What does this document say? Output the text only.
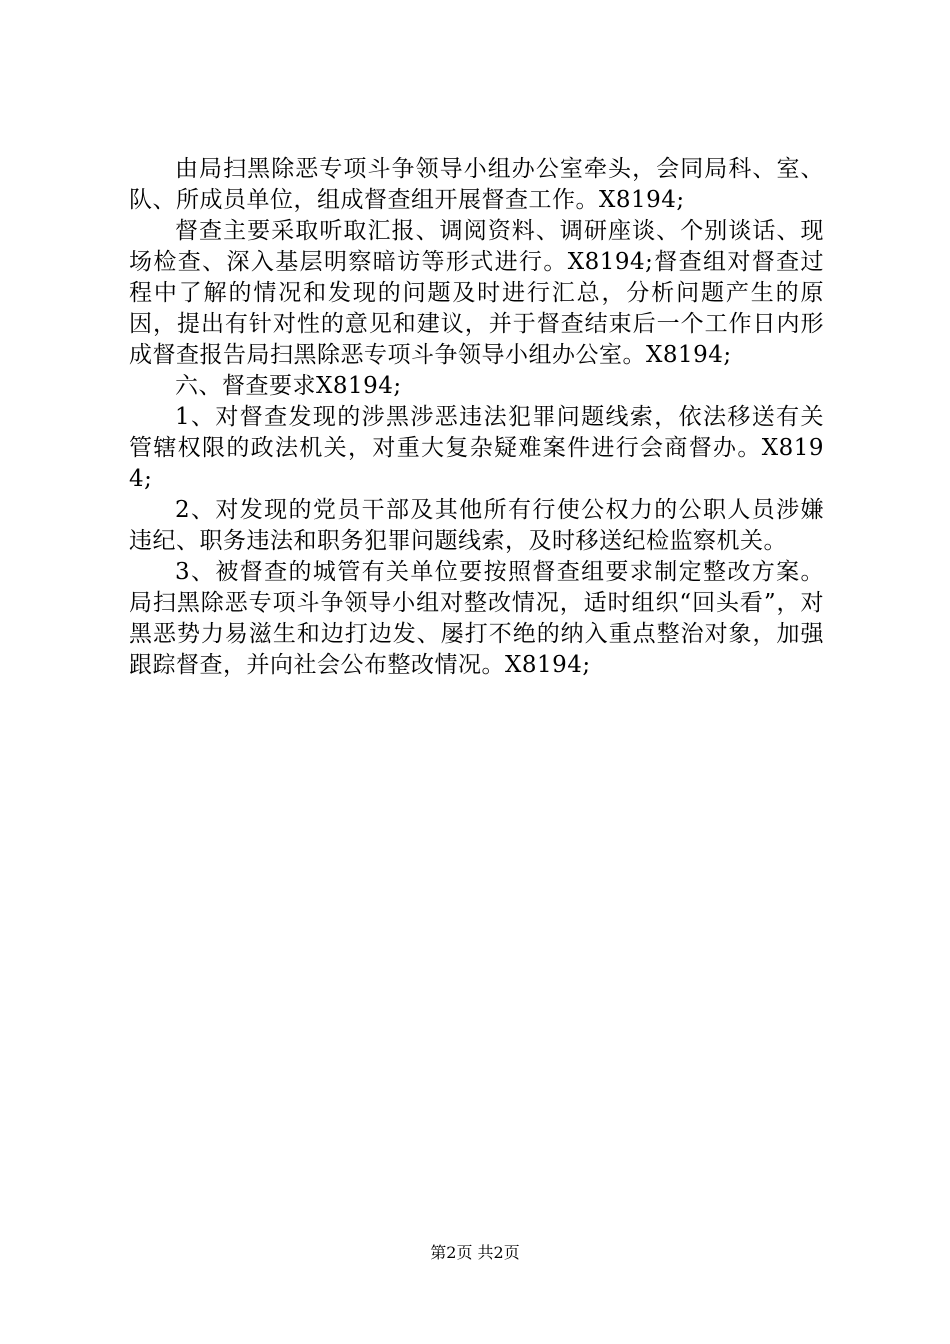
由局扫黑除恶专项斗争领导小组办公室牵头，会同局科、室、队、所成员单位，组成督查组开展督查工作。X8194;

督查主要采取听取汇报、调阅资料、调研座谈、个别谈话、现场检查、深入基层明察暗访等形式进行。X8194;督查组对督查过程中了解的情况和发现的问题及时进行汇总，分析问题产生的原因，提出有针对性的意见和建议，并于督查结束后一个工作日内形成督查报告局扫黑除恶专项斗争领导小组办公室。X8194;

六、督查要求X8194;

1、对督查发现的涉黑涉恶违法犯罪问题线索，依法移送有关管辖权限的政法机关，对重大复杂疑难案件进行会商督办。X8194;

2、对发现的党员干部及其他所有行使公权力的公职人员涉嫌违纪、职务违法和职务犯罪问题线索，及时移送纪检监察机关。

3、被督查的城管有关单位要按照督查组要求制定整改方案。局扫黑除恶专项斗争领导小组对整改情况，适时组织“回头看”，对黑恶势力易滋生和边打边发、屡打不绝的纳入重点整治对象，加强跟踪督查，并向社会公布整改情况。X8194;

第2页 共2页
